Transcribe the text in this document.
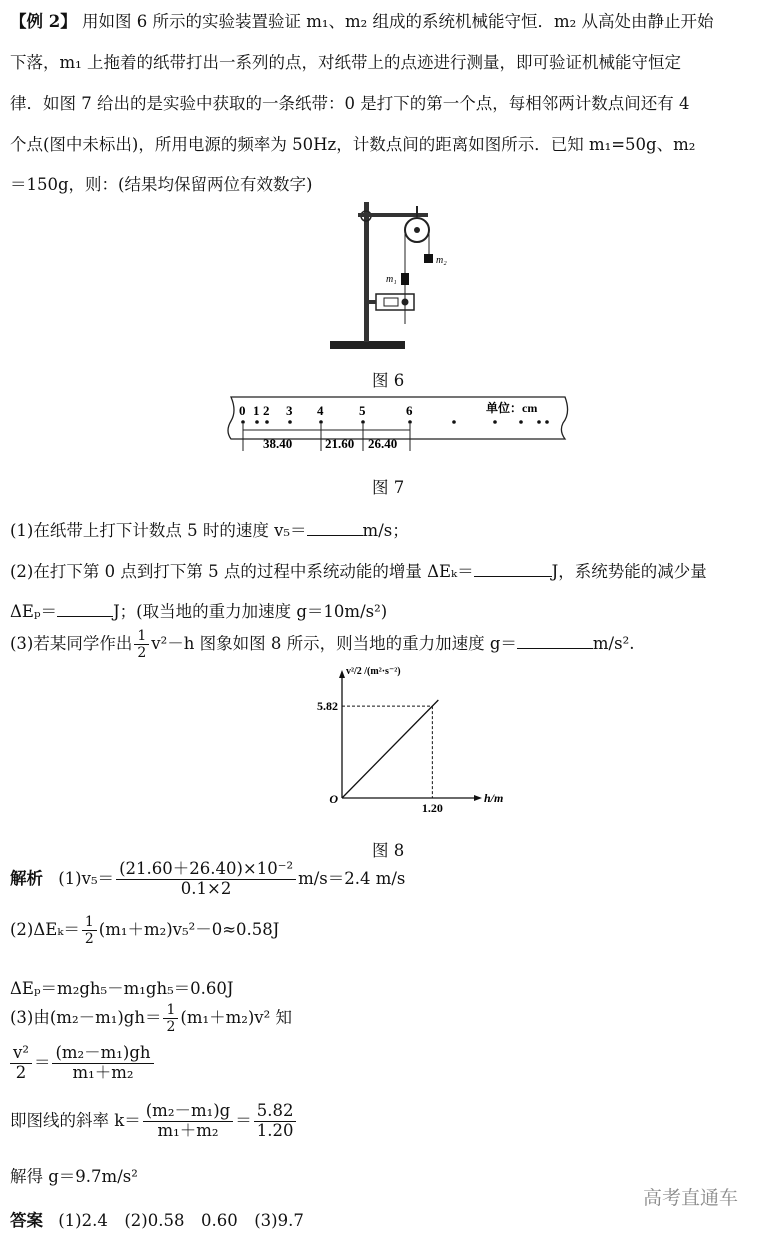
【例 2】 用如图 6 所示的实验装置验证 m₁、m₂ 组成的系统机械能守恒．m₂ 从高处由静止开始
下落，m₁ 上拖着的纸带打出一系列的点，对纸带上的点迹进行测量，即可验证机械能守恒定
律．如图 7 给出的是实验中获取的一条纸带：0 是打下的第一个点，每相邻两计数点间还有 4
个点(图中未标出)，所用电源的频率为 50Hz，计数点间的距离如图所示．已知 m₁=50g、m₂
＝150g，则：(结果均保留两位有效数字)
m₂
m₁
图 6
0 1 2 3 4	5	6	单位：cm
38.40	21.60 26.40
图 7
(1)在纸带上打下计数点 5 时的速度 v₅＝	m/s；
(2)在打下第 0 点到打下第 5 点的过程中系统动能的增量 ΔEₖ＝	J，系统势能的减少量
ΔEₚ＝	J；(取当地的重力加速度 g＝10m/s²)
(3)若某同学作出 $\frac{1}{2} v^2-h$ 图象如图 8 所示，则当地的重力加速度 g＝	m/s².
5.82
1.20
O
v²/2 /(m²·s⁻²)
h/m
图 8
解析 $(1)v_5= \frac{\text{(21.60＋26.40)×10⁻²}}{0.1\times 2} m/s=2.4$ m/s
$(2)\Delta E_k= \frac{1}{2} (m_1+m_2)v_5^2-0\approx 0.58J$
ΔEₚ＝m₂gh₅－m₁gh₅＝0.60J
(3)由$(m_2-m_1)gh= \frac{1}{2} (m_1+m_2)v^2$ 知
$\frac{\text{v²}}{2} = \frac{\text{(m₂－m₁)gh}}{\text{m₁＋m₂}}$
即图线的斜率 $k= \frac{\text{(m₂－m₁)g}}{\text{m₁＋m₂}} = \frac{5.82}{1.20}$
解得 g＝9.7m/s²
高考直通车
答案 (1)2.4　(2)0.58　0.60　(3)9.7
